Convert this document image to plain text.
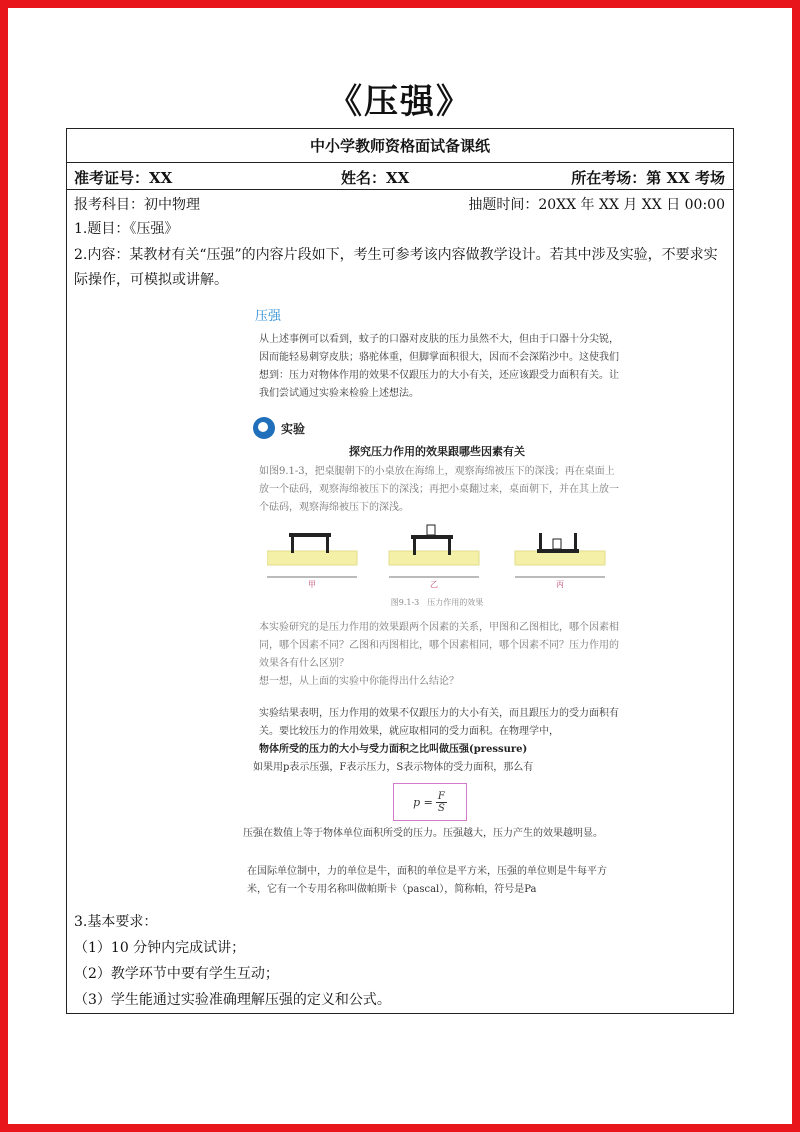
《压强》
中小学教师资格面试备课纸
准考证号：XX	姓名：XX	所在考场：第 XX 考场
报考科目：初中物理	抽题时间：20XX 年 XX 月 XX 日 00:00
1.题目：《压强》
2.内容：某教材有关“压强”的内容片段如下，考生可参考该内容做教学设计。若其中涉及实验，不要求实际操作，可模拟或讲解。
压强
从上述事例可以看到，蚊子的口器对皮肤的压力虽然不大，但由于口器十分尖锐，因而能轻易刺穿皮肤；骆驼体重，但脚掌面积很大，因而不会深陷沙中。这使我们想到：压力对物体作用的效果不仅跟压力的大小有关，还应该跟受力面积有关。让我们尝试通过实验来检验上述想法。
实验
探究压力作用的效果跟哪些因素有关
如图9.1-3，把桌腿朝下的小桌放在海绵上，观察海绵被压下的深浅；再在桌面上放一个砝码，观察海绵被压下的深浅；再把小桌翻过来，桌面朝下，并在其上放一个砝码，观察海绵被压下的深浅。
甲	乙	丙
图9.1-3　压力作用的效果
本实验研究的是压力作用的效果跟两个因素的关系，甲图和乙图相比，哪个因素相同，哪个因素不同？乙图和丙图相比，哪个因素相同，哪个因素不同？压力作用的效果各有什么区别？
想一想，从上面的实验中你能得出什么结论？
实验结果表明，压力作用的效果不仅跟压力的大小有关，而且跟压力的受力面积有关。要比较压力的作用效果，就应取相同的受力面积。在物理学中，
物体所受的压力的大小与受力面积之比叫做压强(pressure)
如果用p表示压强，F表示压力，S表示物体的受力面积，那么有
$p = \frac{F}{S}$
压强在数值上等于物体单位面积所受的压力。压强越大，压力产生的效果越明显。
在国际单位制中，力的单位是牛，面积的单位是平方米，压强的单位则是牛每平方米，它有一个专用名称叫做帕斯卡（pascal），简称帕，符号是Pa
3.基本要求：
（1）10 分钟内完成试讲；
（2）教学环节中要有学生互动；
（3）学生能通过实验准确理解压强的定义和公式。
